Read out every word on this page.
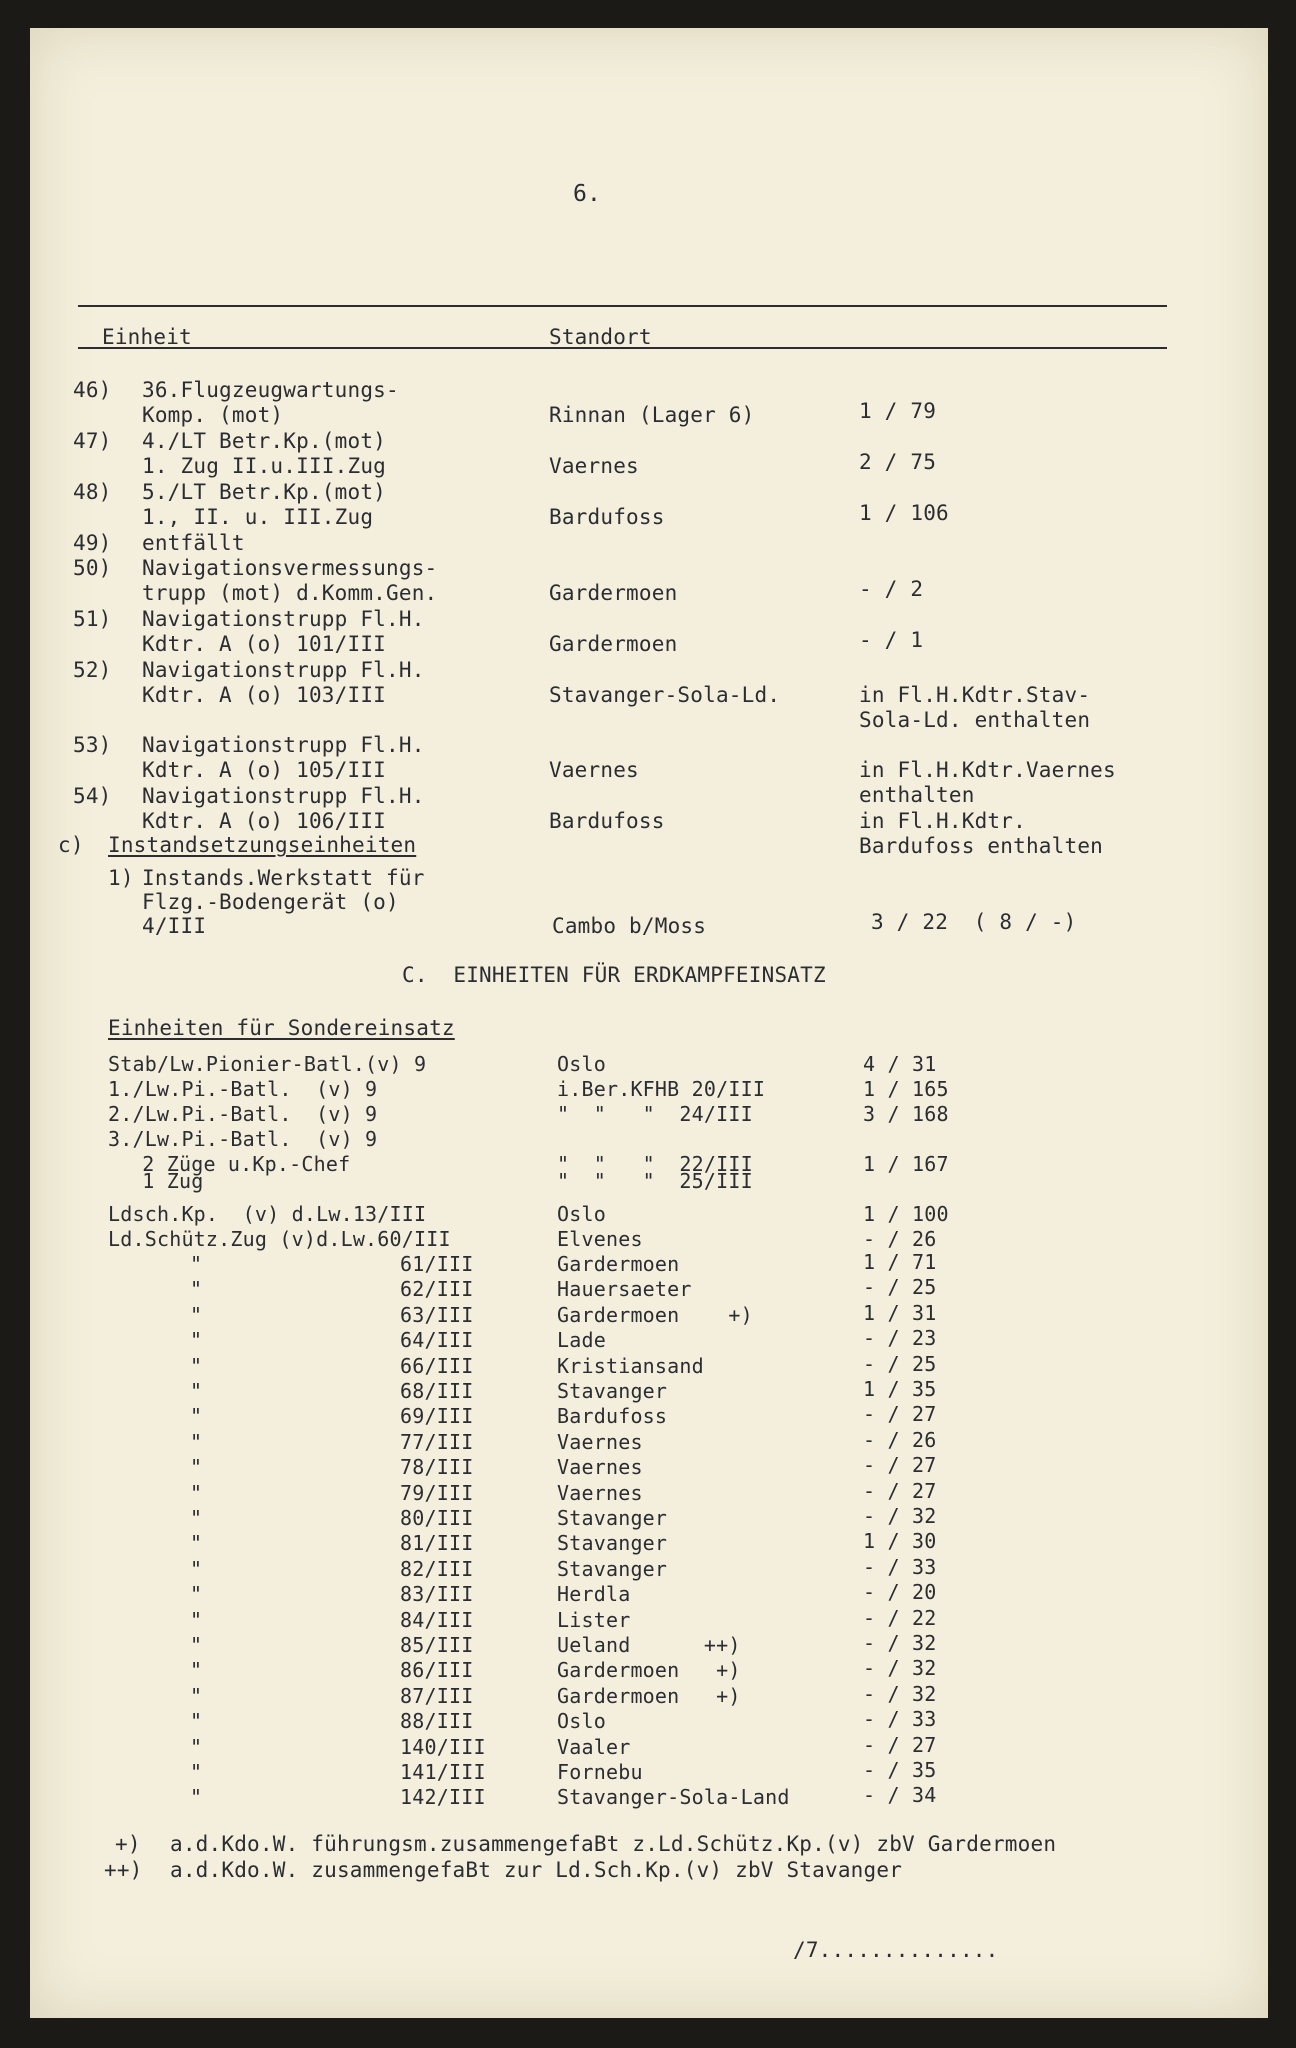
6.
Einheit	Standort
46) 36.Flugzeugwartungs-
Komp. (mot)	Rinnan (Lager 6)	1 / 79
47) 4./LT Betr.Kp.(mot)
1. Zug II.u.III.Zug	Vaernes	2 / 75
48) 5./LT Betr.Kp.(mot)
1., II. u. III.Zug	Bardufoss	1 / 106
49) entfällt
50) Navigationsvermessungs-
trupp (mot) d.Komm.Gen.	Gardermoen	- / 2
51) Navigationstrupp Fl.H.
Kdtr. A (o) 101/III	Gardermoen	- / 1
52) Navigationstrupp Fl.H.
Kdtr. A (o) 103/III	Stavanger-Sola-Ld.	in Fl.H.Kdtr.Stav-
Sola-Ld. enthalten
53) Navigationstrupp Fl.H.
Kdtr. A (o) 105/III	Vaernes	in Fl.H.Kdtr.Vaernes
enthalten
54) Navigationstrupp Fl.H.
Kdtr. A (o) 106/III	Bardufoss	in Fl.H.Kdtr.
Bardufoss enthalten
c) Instandsetzungseinheiten
1) Instands.Werkstatt für
Flzg.-Bodengerät (o)
4/III	Cambo b/Moss	3 / 22  ( 8 / -)
C.  EINHEITEN FÜR ERDKAMPFEINSATZ
Einheiten für Sondereinsatz
Stab/Lw.Pionier-Batl.(v) 9	Oslo	4 / 31
1./Lw.Pi.-Batl.  (v) 9	i.Ber.KFHB 20/III	1 / 165
2./Lw.Pi.-Batl.  (v) 9	"  "   "  24/III	3 / 168
3./Lw.Pi.-Batl.  (v) 9
2 Züge u.Kp.-Chef	"  "   "  22/III	1 / 167
1 Zug	"  "   "  25/III
Ldsch.Kp.  (v) d.Lw.13/III	Oslo	1 / 100
Ld.Schütz.Zug (v)d.Lw.60/III	Elvenes	- / 26
"	61/III	Gardermoen	1 / 71
"	62/III	Hauersaeter	- / 25
"	63/III	Gardermoen    +)	1 / 31
"	64/III	Lade	- / 23
"	66/III	Kristiansand	- / 25
"	68/III	Stavanger	1 / 35
"	69/III	Bardufoss	- / 27
"	77/III	Vaernes	- / 26
"	78/III	Vaernes	- / 27
"	79/III	Vaernes	- / 27
"	80/III	Stavanger	- / 32
"	81/III	Stavanger	1 / 30
"	82/III	Stavanger	- / 33
"	83/III	Herdla	- / 20
"	84/III	Lister	- / 22
"	85/III	Ueland      ++)	- / 32
"	86/III	Gardermoen   +)	- / 32
"	87/III	Gardermoen   +)	- / 32
"	88/III	Oslo	- / 33
"	140/III	Vaaler	- / 27
"	141/III	Fornebu	- / 35
"	142/III	Stavanger-Sola-Land	- / 34
+) a.d.Kdo.W. führungsm.zusammengefaBt z.Ld.Schütz.Kp.(v) zbV Gardermoen
++) a.d.Kdo.W. zusammengefaBt zur Ld.Sch.Kp.(v) zbV Stavanger
/7..............
